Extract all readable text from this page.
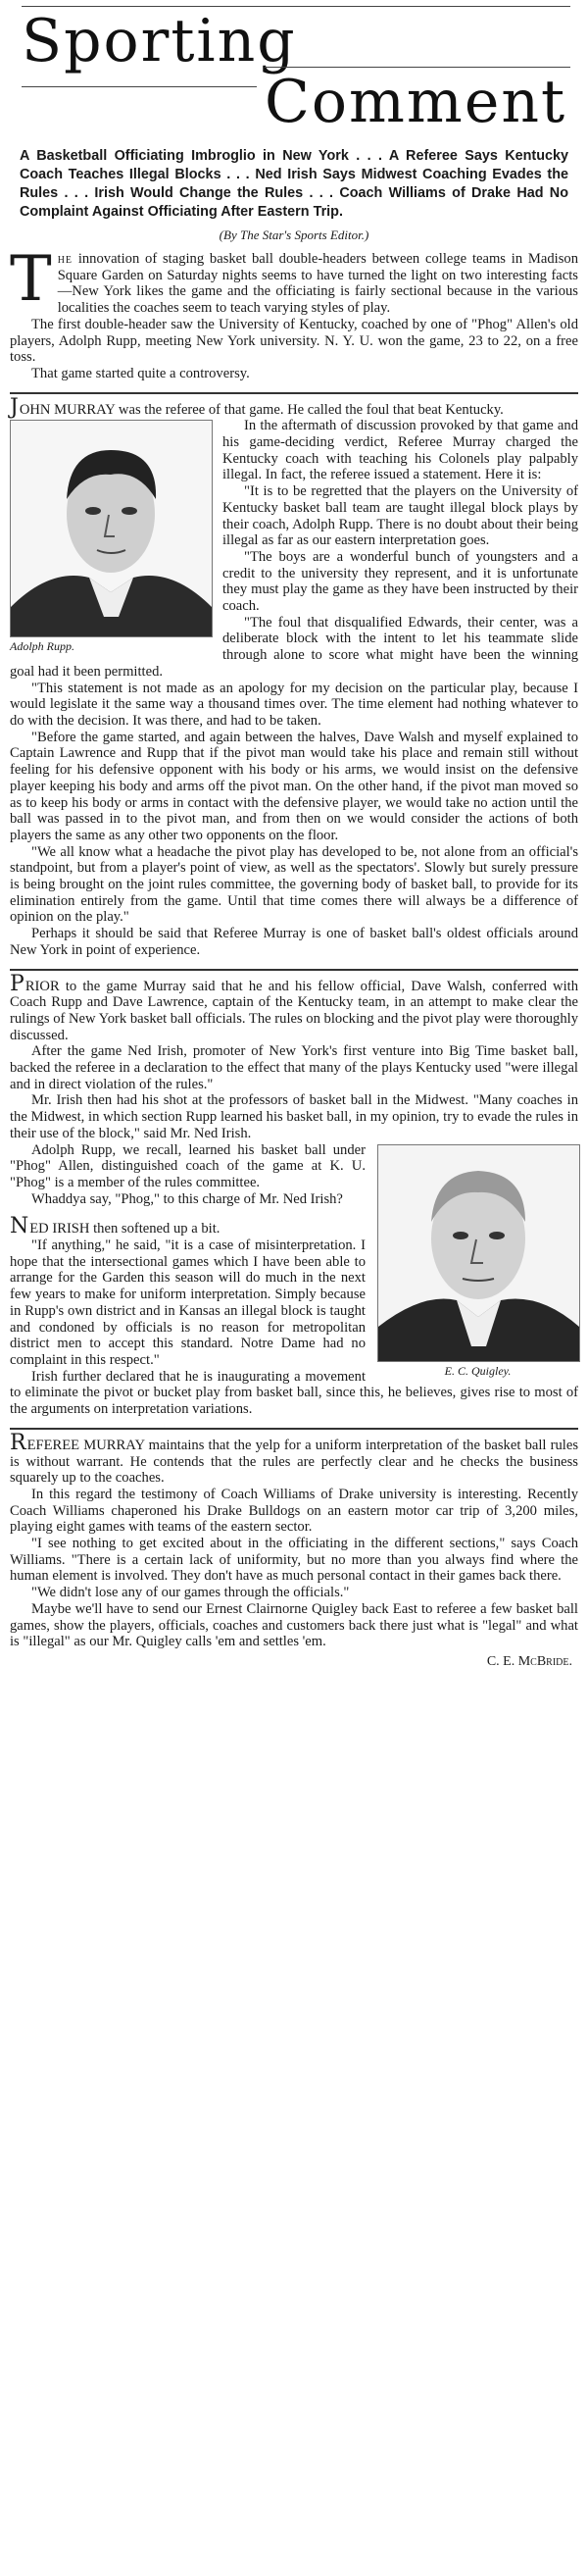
Sporting
Comment
A Basketball Officiating Imbroglio in New York . . . A Referee Says Kentucky Coach Teaches Illegal Blocks . . . Ned Irish Says Midwest Coaching Evades the Rules . . . Irish Would Change the Rules . . . Coach Williams of Drake Had No Complaint Against Officiating After Eastern Trip.
(By The Star's Sports Editor.)

The innovation of staging basket ball double-headers between college teams in Madison Square Garden on Saturday nights seems to have turned the light on two interesting facts—New York likes the game and the officiating is fairly sectional because in the various localities the coaches seem to teach varying styles of play.

The first double-header saw the University of Kentucky, coached by one of "Phog" Allen's old players, Adolph Rupp, meeting New York university. N. Y. U. won the game, 23 to 22, on a free toss.

That game started quite a controversy.

JOHN MURRAY was the referee of that game. He called the foul that beat Kentucky.

Adolph Rupp.

In the aftermath of discussion provoked by that game and his game-deciding verdict, Referee Murray charged the Kentucky coach with teaching his Colonels play palpably illegal. In fact, the referee issued a statement. Here it is:

"It is to be regretted that the players on the University of Kentucky basket ball team are taught illegal block plays by their coach, Adolph Rupp. There is no doubt about their being illegal as far as our eastern interpretation goes.

"The boys are a wonderful bunch of youngsters and a credit to the university they represent, and it is unfortunate they must play the game as they have been instructed by their coach.

"The foul that disqualified Edwards, their center, was a deliberate block with the intent to let his teammate slide through alone to score what might have been the winning goal had it been permitted.

"This statement is not made as an apology for my decision on the particular play, because I would legislate it the same way a thousand times over. The time element had nothing whatever to do with the decision. It was there, and had to be taken.

"Before the game started, and again between the halves, Dave Walsh and myself explained to Captain Lawrence and Rupp that if the pivot man would take his place and remain still without feeling for his defensive opponent with his body or his arms, we would insist on the defensive player keeping his body and arms off the pivot man. On the other hand, if the pivot man moved so as to keep his body or arms in contact with the defensive player, we would take no action until the ball was passed in to the pivot man, and from then on we would consider the actions of both players the same as any other two opponents on the floor.

"We all know what a headache the pivot play has developed to be, not alone from an official's standpoint, but from a player's point of view, as well as the spectators'. Slowly but surely pressure is being brought on the joint rules committee, the governing body of basket ball, to provide for its elimination entirely from the game. Until that time comes there will always be a difference of opinion on the play."

Perhaps it should be said that Referee Murray is one of basket ball's oldest officials around New York in point of experience.

PRIOR to the game Murray said that he and his fellow official, Dave Walsh, conferred with Coach Rupp and Dave Lawrence, captain of the Kentucky team, in an attempt to make clear the rulings of New York basket ball officials. The rules on blocking and the pivot play were thoroughly discussed.

After the game Ned Irish, promoter of New York's first venture into Big Time basket ball, backed the referee in a declaration to the effect that many of the plays Kentucky used "were illegal and in direct violation of the rules."

Mr. Irish then had his shot at the professors of basket ball in the Midwest. "Many coaches in the Midwest, in which section Rupp learned his basket ball, in my opinion, try to evade the rules in their use of the block," said Mr. Ned Irish.

E. C. Quigley.

Adolph Rupp, we recall, learned his basket ball under "Phog" Allen, distinguished coach of the game at K. U. "Phog" is a member of the rules committee.

Whaddya say, "Phog," to this charge of Mr. Ned Irish?

NED IRISH then softened up a bit.

"If anything," he said, "it is a case of misinterpretation. I hope that the intersectional games which I have been able to arrange for the Garden this season will do much in the next few years to make for uniform interpretation. Simply because in Rupp's own district and in Kansas an illegal block is taught and condoned by officials is no reason for metropolitan district men to accept this standard. Notre Dame had no complaint in this respect."

Irish further declared that he is inaugurating a movement to eliminate the pivot or bucket play from basket ball, since this, he believes, gives rise to most of the arguments on interpretation variations.

REFEREE MURRAY maintains that the yelp for a uniform interpretation of the basket ball rules is without warrant. He contends that the rules are perfectly clear and he checks the business squarely up to the coaches.

In this regard the testimony of Coach Williams of Drake university is interesting. Recently Coach Williams chaperoned his Drake Bulldogs on an eastern motor car trip of 3,200 miles, playing eight games with teams of the eastern sector.

"I see nothing to get excited about in the officiating in the different sections," says Coach Williams. "There is a certain lack of uniformity, but no more than you always find where the human element is involved. They don't have as much personal contact in their games back there.

"We didn't lose any of our games through the officials."

Maybe we'll have to send our Ernest Clairnorne Quigley back East to referee a few basket ball games, show the players, officials, coaches and customers back there just what is "legal" and what is "illegal" as our Mr. Quigley calls 'em and settles 'em.

C. E. McBride.
